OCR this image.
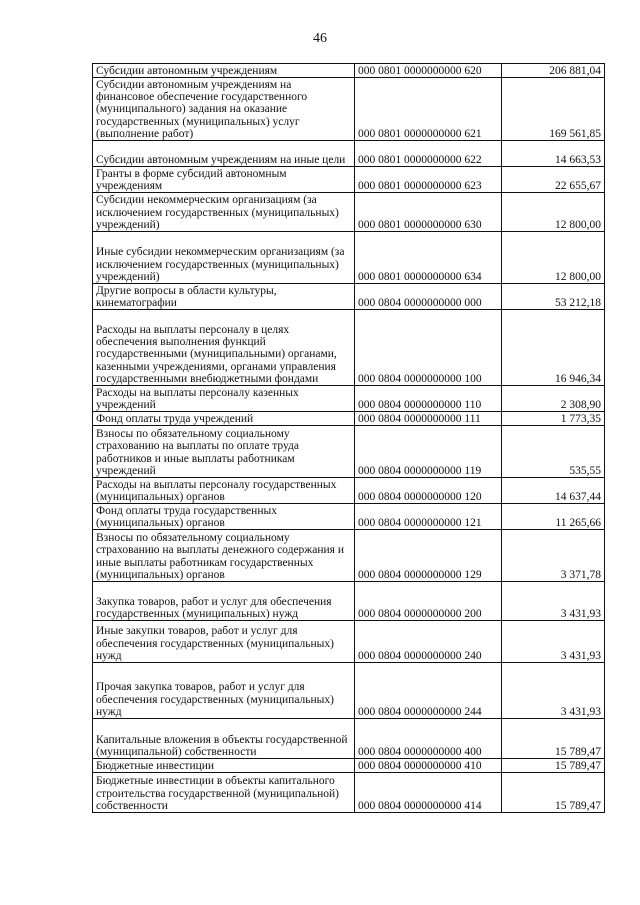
46
Субсидии автономным учреждениям	000 0801 0000000000 620	206 881,04
Субсидии автономным учреждениям на финансовое обеспечение государственного (муниципального) задания на оказание государственных (муниципальных) услуг (выполнение работ)	000 0801 0000000000 621	169 561,85
Субсидии автономным учреждениям на иные цели	000 0801 0000000000 622	14 663,53
Гранты в форме субсидий автономным учреждениям	000 0801 0000000000 623	22 655,67
Субсидии некоммерческим организациям (за исключением государственных (муниципальных) учреждений)	000 0801 0000000000 630	12 800,00
Иные субсидии некоммерческим организациям (за исключением государственных (муниципальных) учреждений)	000 0801 0000000000 634	12 800,00
Другие вопросы в области культуры, кинематографии	000 0804 0000000000 000	53 212,18
Расходы на выплаты персоналу в целях обеспечения выполнения функций государственными (муниципальными) органами, казенными учреждениями, органами управления государственными внебюджетными фондами	000 0804 0000000000 100	16 946,34
Расходы на выплаты персоналу казенных учреждений	000 0804 0000000000 110	2 308,90
Фонд оплаты труда учреждений	000 0804 0000000000 111	1 773,35
Взносы по обязательному социальному страхованию на выплаты по оплате труда работников и иные выплаты работникам учреждений	000 0804 0000000000 119	535,55
Расходы на выплаты персоналу государственных (муниципальных) органов	000 0804 0000000000 120	14 637,44
Фонд оплаты труда государственных (муниципальных) органов	000 0804 0000000000 121	11 265,66
Взносы по обязательному социальному страхованию на выплаты денежного содержания и иные выплаты работникам государственных (муниципальных) органов	000 0804 0000000000 129	3 371,78
Закупка товаров, работ и услуг для обеспечения государственных (муниципальных) нужд	000 0804 0000000000 200	3 431,93
Иные закупки товаров, работ и услуг для обеспечения государственных (муниципальных) нужд	000 0804 0000000000 240	3 431,93
Прочая закупка товаров, работ и услуг для обеспечения государственных (муниципальных) нужд	000 0804 0000000000 244	3 431,93
Капитальные вложения в объекты государственной (муниципальной) собственности	000 0804 0000000000 400	15 789,47
Бюджетные инвестиции	000 0804 0000000000 410	15 789,47
Бюджетные инвестиции в объекты капитального строительства государственной (муниципальной) собственности	000 0804 0000000000 414	15 789,47
